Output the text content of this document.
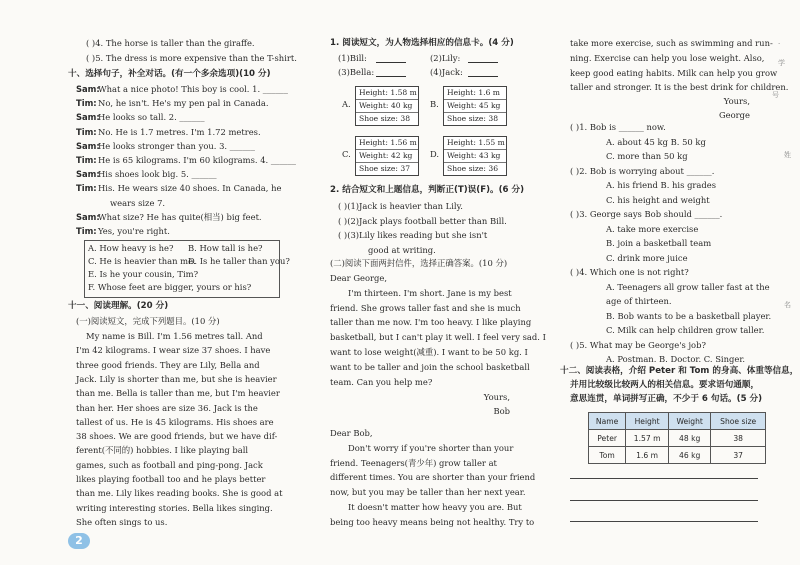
( )4. The horse is taller than the giraffe.
( )5. The dress is more expensive than the T-shirt.
十、选择句子，补全对话。(有一个多余选项)(10 分)
Sam:
What a nice photo! This boy is cool. 1. ______
Tim: No, he isn't. He's my pen pal in Canada.
Sam:
He looks so tall. 2. ______
Tim: No. He is 1.7 metres. I'm 1.72 metres.
Sam:
He looks stronger than you. 3. ______
Tim: He is 65 kilograms. I'm 60 kilograms. 4. ______
Sam:
His shoes look big. 5. ______
Tim: His. He wears size 40 shoes. In Canada, he
wears size 7.
Sam:
What size? He has quite(相当) big feet.
Tim: Yes, you're right.
A. How heavy is he? B. How tall is he?
C. He is heavier than me.
D. Is he taller than you?
E. Is he your cousin, Tim?
F. Whose feet are bigger, yours or his?
十一、阅读理解。(20 分)
(一)阅读短文，完成下列题目。(10 分)
My name is Bill. I'm 1.56 metres tall. And
I'm 42 kilograms. I wear size 37 shoes. I have
three good friends. They are Lily, Bella and
Jack. Lily is shorter than me, but she is heavier
than me. Bella is taller than me, but I'm heavier
than her. Her shoes are size 36. Jack is the
tallest of us. He is 45 kilograms. His shoes are
38 shoes. We are good friends, but we have dif-
ferent(不同的) hobbies. I like playing ball
games, such as football and ping-pong. Jack
likes playing football too and he plays better
than me. Lily likes reading books. She is good at
writing interesting stories. Bella likes singing.
She often sings to us.
2
1. 阅读短文，为人物选择相应的信息卡。(4 分)
(1)Bill:	(2)Lily:
(3)Bella:	(4)Jack:
A.
Height: 1.58 m
Weight: 40 kg
Shoe size: 38
B.
Height: 1.6 m
Weight: 45 kg
Shoe size: 38
C.
Height: 1.56 m
Weight: 42 kg
Shoe size: 37
D.
Height: 1.55 m
Weight: 43 kg
Shoe size: 36
2. 结合短文和上题信息，判断正(T)误(F)。(6 分)
( )(1)Jack is heavier than Lily.
( )(2)Jack plays football better than Bill.
( )(3)Lily likes reading but she isn't
good at writing.
(二)阅读下面两封信件，选择正确答案。(10 分)
Dear George,
I'm thirteen. I'm short. Jane is my best
friend. She grows taller fast and she is much
taller than me now. I'm too heavy. I like playing
basketball, but I can't play it well. I feel very sad. I
want to lose weight(减重). I want to be 50 kg. I
want to be taller and join the school basketball
team. Can you help me?
Yours,
Bob
Dear Bob,
Don't worry if you're shorter than your
friend. Teenagers(青少年) grow taller at
different times. You are shorter than your friend
now, but you may be taller than her next year.
It doesn't matter how heavy you are. But
being too heavy means being not healthy. Try to
take more exercise, such as swimming and run-
ning. Exercise can help you lose weight. Also,
keep good eating habits. Milk can help you grow
taller and stronger. It is the best drink for children.
Yours,
George
( )1. Bob is ______ now.
A. about 45 kg B. 50 kg
C. more than 50 kg
( )2. Bob is worrying about ______.
A. his friend B. his grades
C. his height and weight
( )3. George says Bob should ______.
A. take more exercise
B. join a basketball team
C. drink more juice
( )4. Which one is not right?
A. Teenagers all grow taller fast at the
age of thirteen.
B. Bob wants to be a basketball player.
C. Milk can help children grow taller.
( )5. What may be George's job?
A. Postman. B. Doctor. C. Singer.
十二、阅读表格，介绍 Peter 和 Tom 的身高、体重等信息，
并用比较级比较两人的相关信息。要求语句通顺，
意思连贯，单词拼写正确，不少于 6 句话。(5 分)
Name	Height	Weight	Shoe size
Peter	1.57 m	48 kg	38
Tom	1.6 m	46 kg	37
·
学
号
姓
名
